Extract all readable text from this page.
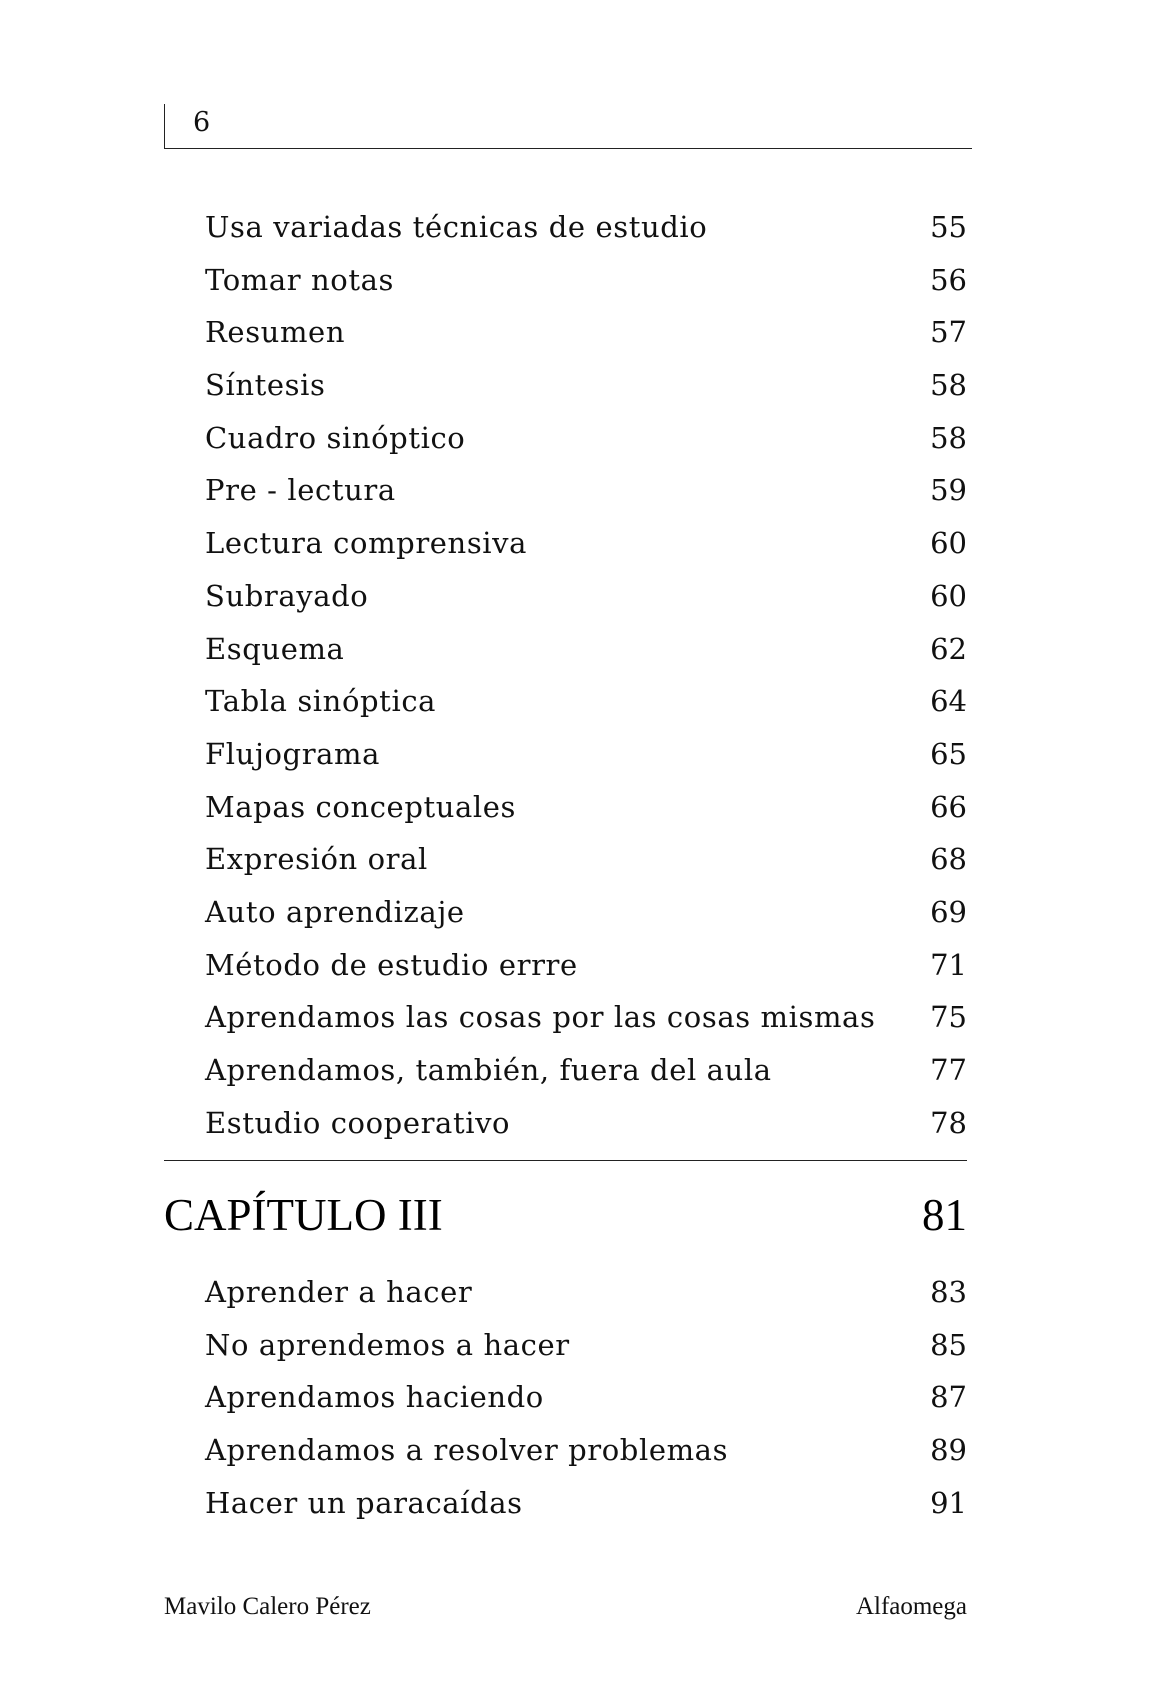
6
Usa variadas técnicas de estudio	55
Tomar notas	56
Resumen	57
Síntesis	58
Cuadro sinóptico	58
Pre - lectura	59
Lectura comprensiva	60
Subrayado	60
Esquema	62
Tabla sinóptica	64
Flujograma	65
Mapas conceptuales	66
Expresión oral	68
Auto aprendizaje	69
Método de estudio errre	71
Aprendamos las cosas por las cosas mismas 75
Aprendamos, también, fuera del aula	77
Estudio cooperativo	78
CAPÍTULO III	81
Aprender a hacer	83
No aprendemos a hacer	85
Aprendamos haciendo	87
Aprendamos a resolver problemas	89
Hacer un paracaídas	91
Mavilo Calero Pérez	Alfaomega
